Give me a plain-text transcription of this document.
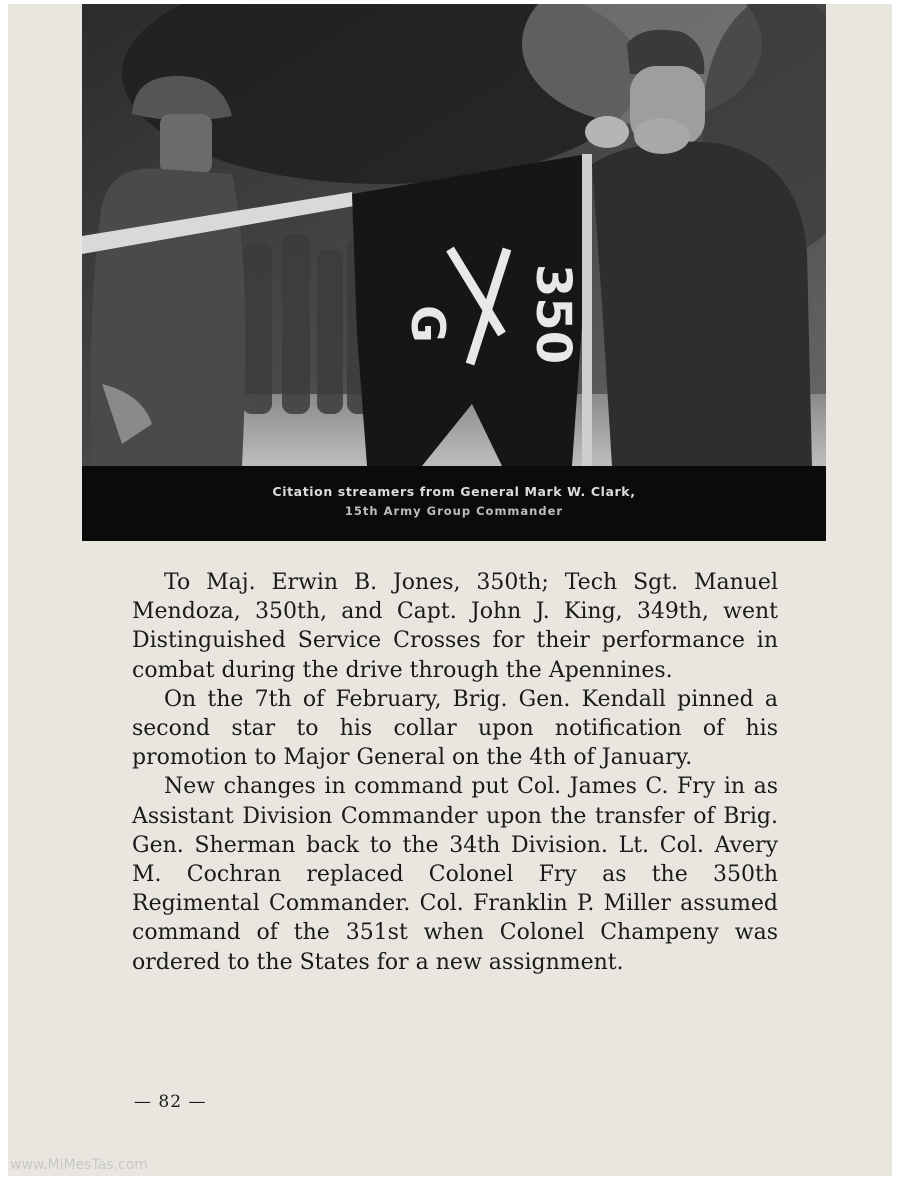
350
G
Citation streamers from General Mark W. Clark,
15th Army Group Commander

To Maj. Erwin B. Jones, 350th; Tech Sgt. Manuel Mendoza, 350th, and Capt. John J. King, 349th, went Distinguished Service Crosses for their performance in combat during the drive through the Apennines.

On the 7th of February, Brig. Gen. Kendall pinned a second star to his collar upon notification of his promotion to Major General on the 4th of January.

New changes in command put Col. James C. Fry in as Assistant Division Commander upon the transfer of Brig. Gen. Sherman back to the 34th Division. Lt. Col. Avery M. Cochran replaced Colonel Fry as the 350th Regimental Commander. Col. Franklin P. Miller assumed command of the 351st when Colonel Champeny was ordered to the States for a new assignment.

— 82 —
www.MiMesTas.com
